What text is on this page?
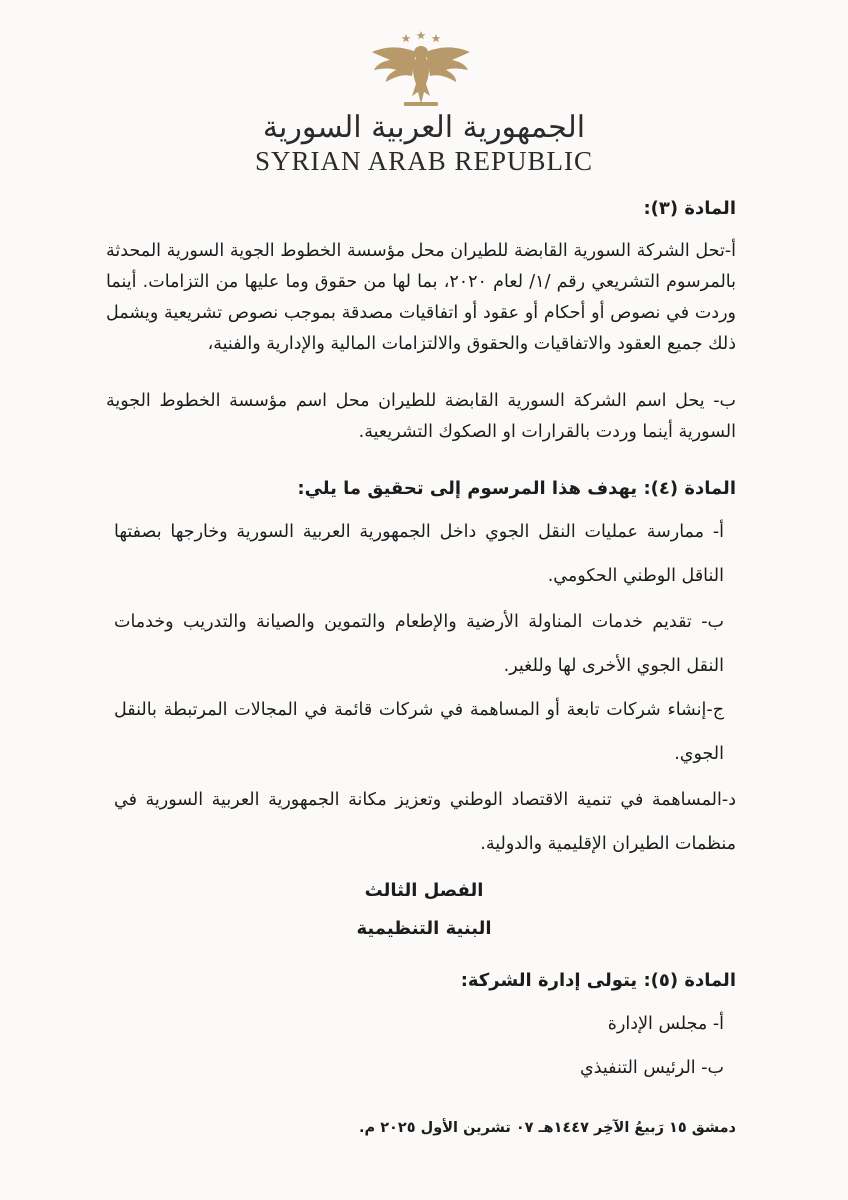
الجمهورية العربية السورية
SYRIAN ARAB REPUBLIC
المادة (٣):
أ-تحل الشركة السورية القابضة للطيران محل مؤسسة الخطوط الجوية السورية المحدثة بالمرسوم التشريعي رقم /١/ لعام ٢٠٢٠، بما لها من حقوق وما عليها من التزامات. أينما وردت في نصوص أو أحكام أو عقود أو اتفاقيات مصدقة بموجب نصوص تشريعية ويشمل ذلك جميع العقود والاتفاقيات والحقوق والالتزامات المالية والإدارية والفنية،
ب- يحل اسم الشركة السورية القابضة للطيران محل اسم مؤسسة الخطوط الجوية السورية أينما وردت بالقرارات او الصكوك التشريعية.
المادة (٤): يهدف هذا المرسوم إلى تحقيق ما يلي:
أ- ممارسة عمليات النقل الجوي داخل الجمهورية العربية السورية وخارجها بصفتها الناقل الوطني الحكومي.
ب- تقديم خدمات المناولة الأرضية والإطعام والتموين والصيانة والتدريب وخدمات النقل الجوي الأخرى لها وللغير.
ج-إنشاء شركات تابعة أو المساهمة في شركات قائمة في المجالات المرتبطة بالنقل الجوي.
د-المساهمة في تنمية الاقتصاد الوطني وتعزيز مكانة الجمهورية العربية السورية في منظمات الطيران الإقليمية والدولية.
الفصل الثالث
البنية التنظيمية
المادة (٥): يتولى إدارة الشركة:
أ- مجلس الإدارة
ب- الرئيس التنفيذي
دمشق ١٥ رَبيعُ الآخِر ١٤٤٧هـ ٠٧ تشرين الأول ٢٠٢٥ م.
